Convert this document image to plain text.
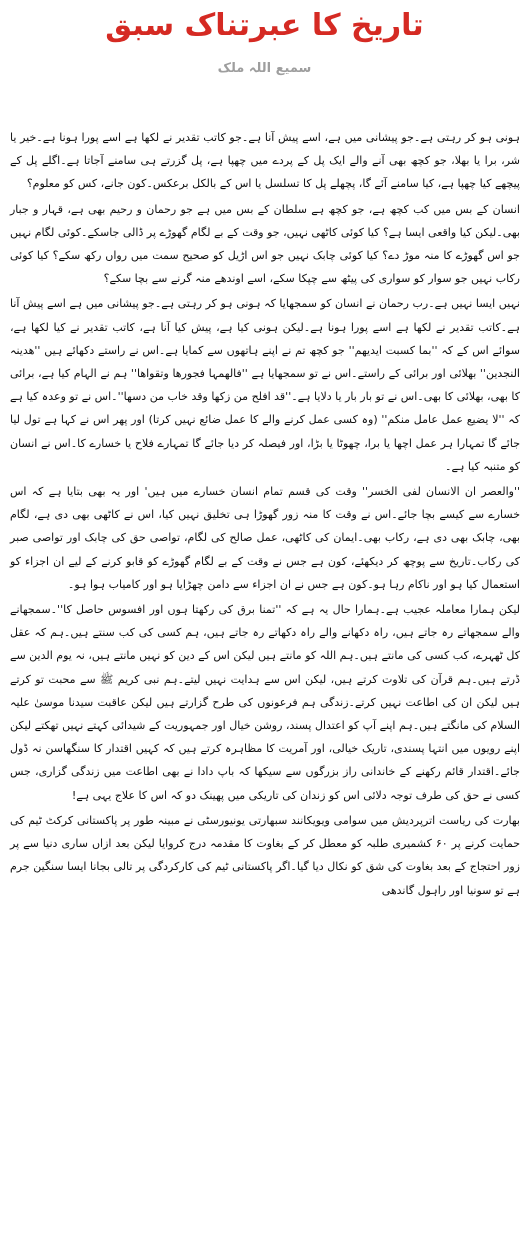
تاریخ کا عبرتناک سبق
سمیع اللہ ملک

ہونی ہو کر رہتی ہے۔جو پیشانی میں ہے، اسے پیش آنا ہے۔جو کاتب تقدیر نے لکھا ہے اسے پورا ہونا ہے۔خیر یا شر، برا یا بھلا، جو کچھ بھی آنے والے ایک پل کے پردے میں چھپا ہے، پل گزرتے ہی سامنے آجاتا ہے۔اگلے پل کے پیچھے کیا چھپا ہے، کیا سامنے آئے گا، پچھلے پل کا تسلسل یا اس کے بالکل برعکس۔کون جانے، کس کو معلوم؟

انسان کے بس میں کب کچھ ہے، جو کچھ ہے سلطان کے بس میں ہے جو رحمان و رحیم بھی ہے، قہار و جبار بھی۔لیکن کیا واقعی ایسا ہے؟ کیا کوئی کاٹھی نہیں، جو وقت کے بے لگام گھوڑے پر ڈالی جاسکے۔کوئی لگام نہیں جو اس گھوڑے کا منہ موڑ دے؟ کیا کوئی چابک نہیں جو اس اڑیل کو صحیح سمت میں رواں رکھ سکے؟ کیا کوئی رکاب نہیں جو سوار کو سواری کی پیٹھ سے چپکا سکے، اسے اوندھے منہ گرنے سے بچا سکے؟

نہیں ایسا نہیں ہے۔رب رحمان نے انسان کو سمجھایا کہ ہونی ہو کر رہتی ہے۔جو پیشانی میں ہے اسے پیش آنا ہے۔کاتب تقدیر نے لکھا ہے اسے پورا ہونا ہے۔لیکن ہونی کیا ہے، پیش کیا آنا ہے، کاتب تقدیر نے کیا لکھا ہے، سوائے اس کے کہ ''بما کسبت ایدیھم'' جو کچھ تم نے اپنے ہاتھوں سے کمایا ہے۔اس نے راستے دکھائے ہیں ''ھدینہ النجدین'' بھلائی اور برائی کے راستے۔اس نے تو سمجھایا ہے ''فالھمہا فجورھا وتقواھا'' ہم نے الہام کیا ہے، برائی کا بھی، بھلائی کا بھی۔اس نے تو بار بار یا دلایا ہے۔''قد افلح من زکھا وقد خاب من دسھا''۔اس نے تو وعدہ کیا ہے کہ ''لا یضیع عمل عامل منکم'' (وہ کسی عمل کرنے والے کا عمل ضائع نہیں کرتا) اور پھر اس نے کہا ہے تول لیا جائے گا تمہارا ہر عمل اچھا یا برا، چھوٹا یا بڑا، اور فیصلہ کر دیا جائے گا تمہارے فلاح یا خسارے کا۔اس نے انسان کو متنبہ کیا ہے۔

''والعصر ان الانسان لفی الخسر'' وقت کی قسم تمام انسان خسارے میں ہیں' اور یہ بھی بتایا ہے کہ اس خسارے سے کیسے بچا جائے۔اس نے وقت کا منہ زور گھوڑا ہی تخلیق نہیں کیا، اس نے کاٹھی بھی دی ہے، لگام بھی، چابک بھی دی ہے، رکاب بھی۔ایمان کی کاٹھی، عمل صالح کی لگام، تواصی حق کی چابک اور تواصی صبر کی رکاب۔تاریخ سے پوچھ کر دیکھئے، کون ہے جس نے وقت کے بے لگام گھوڑے کو قابو کرنے کے لیے ان اجزاء کو استعمال کیا ہو اور ناکام رہا ہو۔کون ہے جس نے ان اجزاء سے دامن چھڑایا ہو اور کامیاب ہوا ہو۔

لیکن ہمارا معاملہ عجیب ہے۔ہمارا حال یہ ہے کہ ''تمنا برق کی رکھتا ہوں اور افسوس حاصل کا''۔سمجھانے والے سمجھاتے رہ جاتے ہیں، راہ دکھانے والے راہ دکھاتے رہ جاتے ہیں، ہم کسی کی کب سنتے ہیں۔ہم کہ عقل کل ٹھہرے، کب کسی کی مانتے ہیں۔ہم اللہ کو مانتے ہیں لیکن اس کے دین کو نہیں مانتے ہیں، نہ یوم الدین سے ڈرتے ہیں۔ہم قرآن کی تلاوت کرتے ہیں، لیکن اس سے ہدایت نہیں لیتے۔ہم نبی کریم ﷺ سے محبت تو کرتے ہیں لیکن ان کی اطاعت نہیں کرتے۔زندگی ہم فرعونوں کی طرح گزارتے ہیں لیکن عاقبت سیدنا موسیٰ علیہ السلام کی مانگتے ہیں۔ہم اپنے آپ کو اعتدال پسند، روشن خیال اور جمہوریت کے شیدائی کہتے نہیں تھکتے لیکن اپنے رویوں میں انتہا پسندی، تاریک خیالی، اور آمریت کا مظاہرہ کرتے ہیں کہ کہیں اقتدار کا سنگھاسن نہ ڈول جائے۔اقتدار قائم رکھنے کے خاندانی راز بزرگوں سے سیکھا کہ باپ دادا نے بھی اطاعت میں زندگی گزاری، جس کسی نے حق کی طرف توجہ دلائی اس کو زندان کی تاریکی میں پھینک دو کہ اس کا علاج یہی ہے!

بھارت کی ریاست اترپردیش میں سوامی ویویکانند سبھارتی یونیورسٹی نے مبینہ طور پر پاکستانی کرکٹ ٹیم کی حمایت کرنے پر ۶۰ کشمیری طلبہ کو معطل کر کے بغاوت کا مقدمہ درج کروایا لیکن بعد ازاں ساری دنیا سے پر زور احتجاج کے بعد بغاوت کی شق کو نکال دیا گیا۔اگر پاکستانی ٹیم کی کارکردگی پر تالی بجانا ایسا سنگین جرم ہے تو سونیا اور راہول گاندھی
